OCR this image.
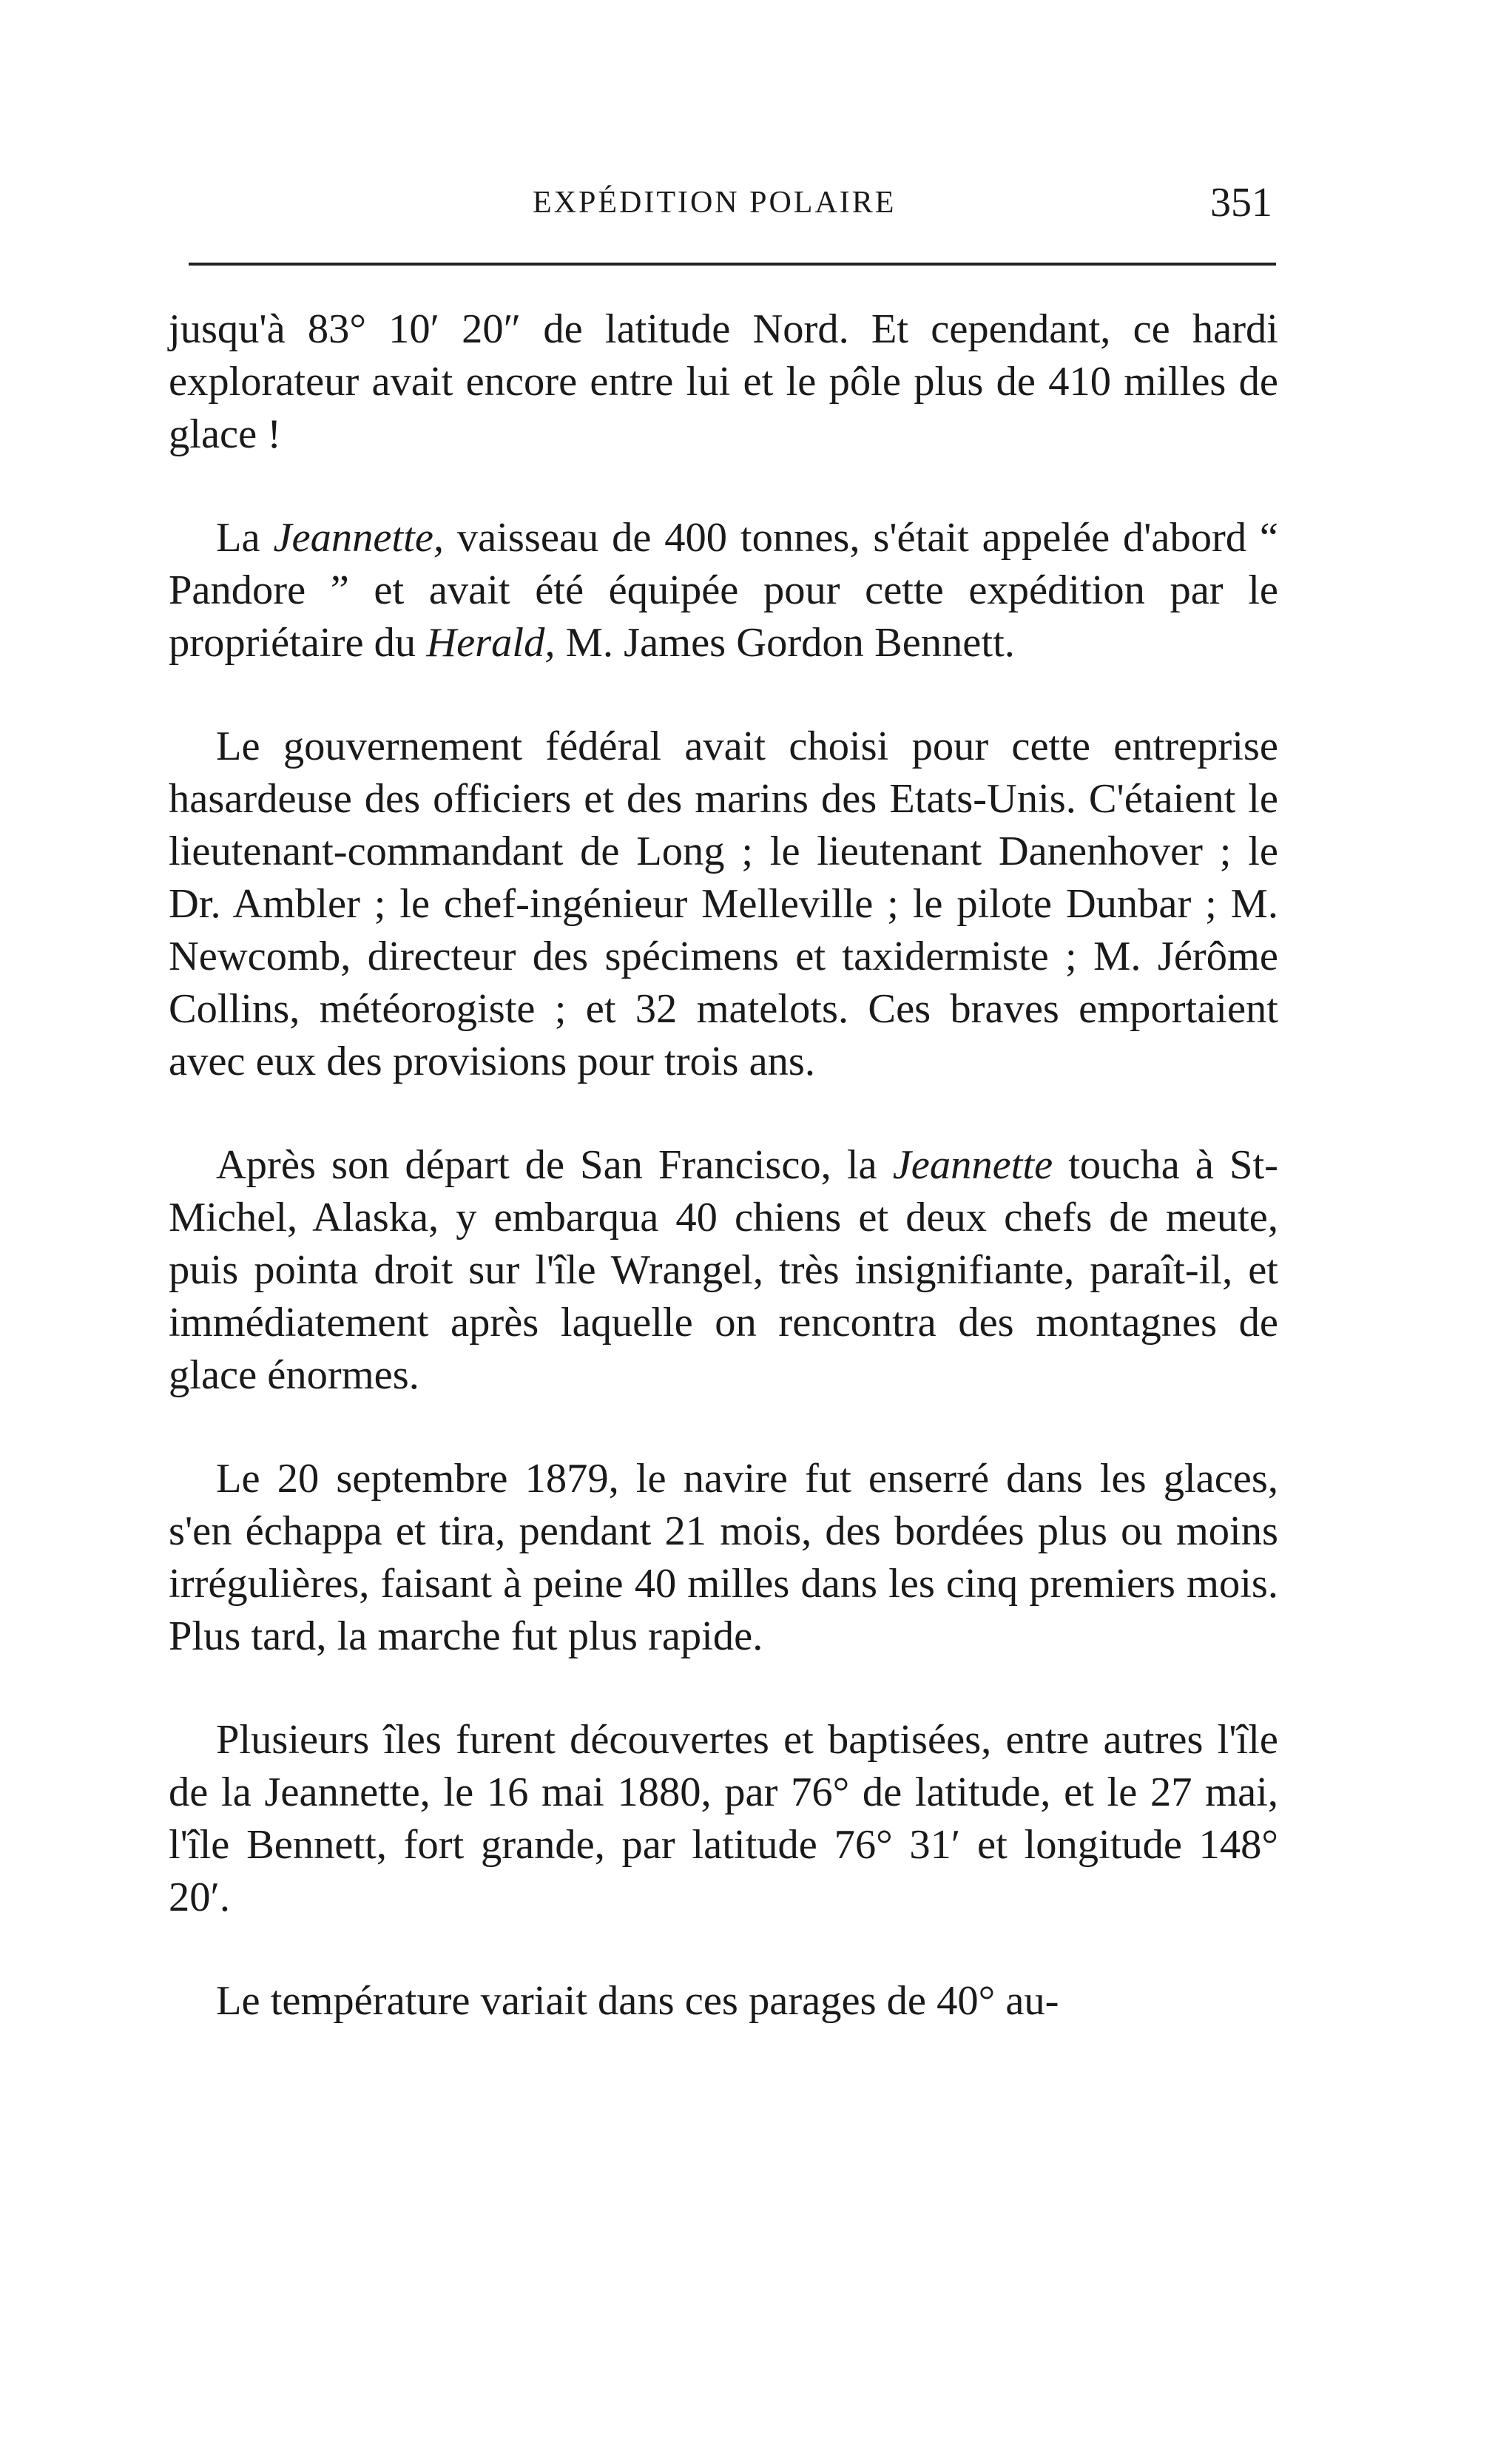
EXPÉDITION POLAIRE	351

jusqu'à 83° 10′ 20″ de latitude Nord. Et cependant, ce hardi explorateur avait encore entre lui et le pôle plus de 410 milles de glace !

La Jeannette, vaisseau de 400 tonnes, s'était appelée d'abord “ Pandore ” et avait été équipée pour cette expédition par le propriétaire du Herald, M. James Gordon Bennett.

Le gouvernement fédéral avait choisi pour cette entreprise hasardeuse des officiers et des marins des Etats-Unis. C'étaient le lieutenant-commandant de Long ; le lieutenant Danenhover ; le Dr. Ambler ; le chef-ingénieur Melleville ; le pilote Dunbar ; M. Newcomb, directeur des spécimens et taxidermiste ; M. Jérôme Collins, météorogiste ; et 32 matelots. Ces braves emportaient avec eux des provisions pour trois ans.

Après son départ de San Francisco, la Jeannette toucha à St-Michel, Alaska, y embarqua 40 chiens et deux chefs de meute, puis pointa droit sur l'île Wrangel, très insignifiante, paraît-il, et immédiatement après laquelle on rencontra des montagnes de glace énormes.

Le 20 septembre 1879, le navire fut enserré dans les glaces, s'en échappa et tira, pendant 21 mois, des bordées plus ou moins irrégulières, faisant à peine 40 milles dans les cinq premiers mois. Plus tard, la marche fut plus rapide.

Plusieurs îles furent découvertes et baptisées, entre autres l'île de la Jeannette, le 16 mai 1880, par 76° de latitude, et le 27 mai, l'île Bennett, fort grande, par latitude 76° 31′ et longitude 148° 20′.

Le température variait dans ces parages de 40° au-
